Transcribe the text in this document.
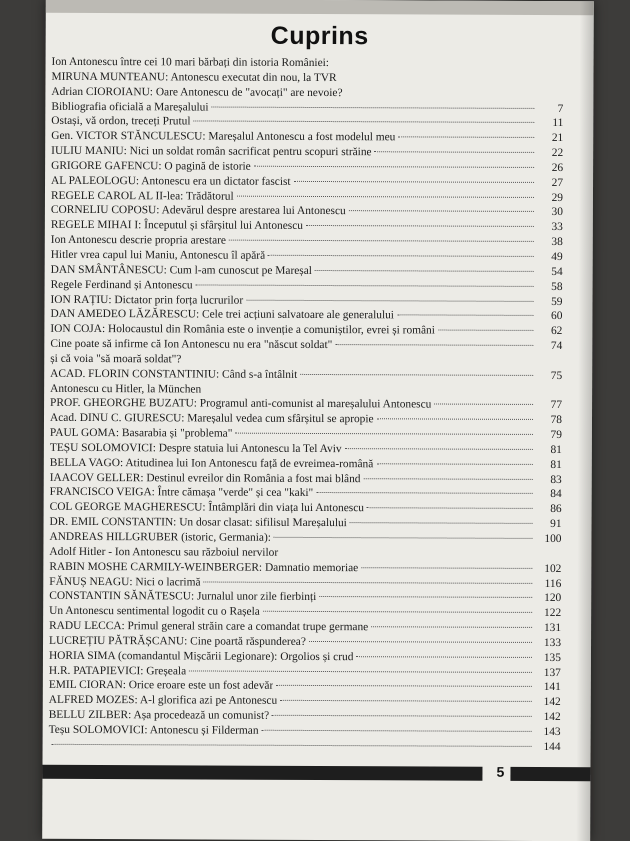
Cuprins
Ion Antonescu între cei 10 mari bărbați din istoria României:
MIRUNA MUNTEANU: Antonescu executat din nou, la TVR
Adrian CIOROIANU: Oare Antonescu de "avocați" are nevoie?
Bibliografia oficială a Mareșalului	7
Ostași, vă ordon, treceți Prutul	11
Gen. VICTOR STĂNCULESCU: Mareșalul Antonescu a fost modelul meu	21
IULIU MANIU: Nici un soldat român sacrificat pentru scopuri străine	22
GRIGORE GAFENCU: O pagină de istorie	26
AL PALEOLOGU: Antonescu era un dictator fascist	27
REGELE CAROL AL II-lea: Trădătorul	29
CORNELIU COPOSU: Adevărul despre arestarea lui Antonescu	30
REGELE MIHAI I: Începutul și sfârșitul lui Antonescu	33
Ion Antonescu descrie propria arestare	38
Hitler vrea capul lui Maniu, Antonescu îl apără	49
DAN SMÂNTÂNESCU: Cum l-am cunoscut pe Mareșal	54
Regele Ferdinand și Antonescu	58
ION RAȚIU: Dictator prin forța lucrurilor	59
DAN AMEDEO LĂZĂRESCU: Cele trei acțiuni salvatoare ale generalului	60
ION COJA: Holocaustul din România este o invenție a comuniștilor, evrei și români	62
Cine poate să infirme că Ion Antonescu nu era "născut soldat"	74
și că voia "să moară soldat"?
ACAD. FLORIN CONSTANTINIU: Când s-a întâlnit	75
Antonescu cu Hitler, la München
PROF. GHEORGHE BUZATU: Programul anti-comunist al mareșalului Antonescu	77
Acad. DINU C. GIURESCU: Mareșalul vedea cum sfârșitul se apropie	78
PAUL GOMA: Basarabia și "problema"	79
TEȘU SOLOMOVICI: Despre statuia lui Antonescu la Tel Aviv	81
BELLA VAGO: Atitudinea lui Ion Antonescu față de evreimea-română	81
IAACOV GELLER: Destinul evreilor din România a fost mai blând	83
FRANCISCO VEIGA: Între cămașa "verde" și cea "kaki"	84
COL GEORGE MAGHERESCU: Întâmplări din viața lui Antonescu	86
DR. EMIL CONSTANTIN: Un dosar clasat: sifilisul Mareșalului	91
ANDREAS HILLGRUBER (istoric, Germania):	100
Adolf Hitler - Ion Antonescu sau războiul nervilor
RABIN MOSHE CARMILY-WEINBERGER: Damnatio memoriae	102
FĂNUȘ NEAGU: Nici o lacrimă	116
CONSTANTIN SĂNĂTESCU: Jurnalul unor zile fierbinți	120
Un Antonescu sentimental logodit cu o Rașela	122
RADU LECCA: Primul general străin care a comandat trupe germane	131
LUCREȚIU PĂTRĂȘCANU: Cine poartă răspunderea?	133
HORIA SIMA (comandantul Mișcării Legionare): Orgolios și crud	135
H.R. PATAPIEVICI: Greșeala	137
EMIL CIORAN: Orice eroare este un fost adevăr	141
ALFRED MOZES: A-l glorifica azi pe Antonescu	142
BELLU ZILBER: Așa procedează un comunist?	142
Teșu SOLOMOVICI: Antonescu și Filderman	143
144
5
